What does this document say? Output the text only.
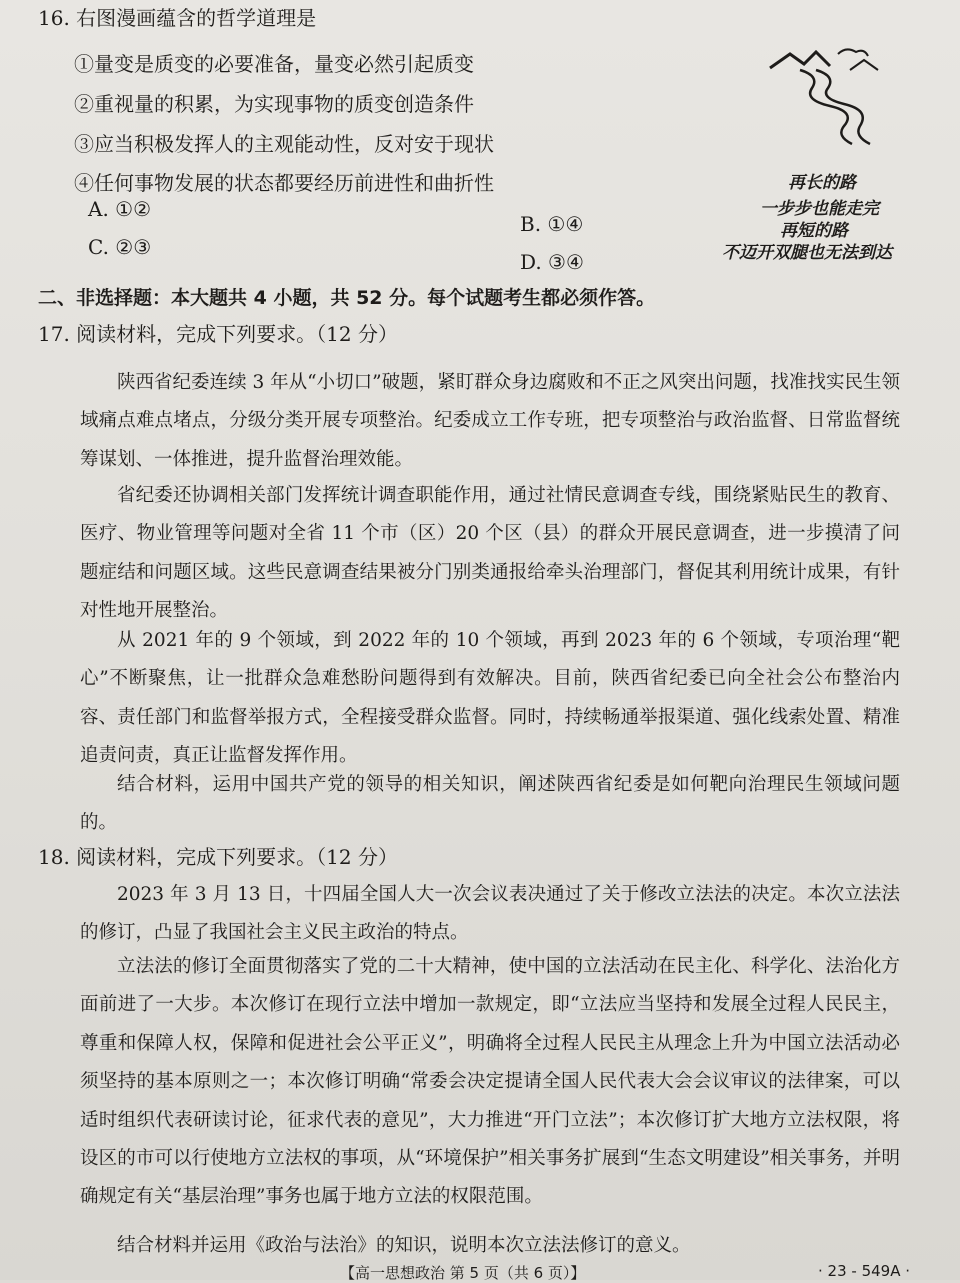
16. 右图漫画蕴含的哲学道理是
①量变是质变的必要准备，量变必然引起质变
②重视量的积累，为实现事物的质变创造条件
③应当积极发挥人的主观能动性，反对安于现状
④任何事物发展的状态都要经历前进性和曲折性
A. ①②
B. ①④
C. ②③
D. ③④
再长的路
一步步也能走完
再短的路
不迈开双腿也无法到达
二、非选择题：本大题共 4 小题，共 52 分。每个试题考生都必须作答。
17. 阅读材料，完成下列要求。（12 分）
陕西省纪委连续 3 年从“小切口”破题，紧盯群众身边腐败和不正之风突出问题，找准找实民生领域痛点难点堵点，分级分类开展专项整治。纪委成立工作专班，把专项整治与政治监督、日常监督统筹谋划、一体推进，提升监督治理效能。
省纪委还协调相关部门发挥统计调查职能作用，通过社情民意调查专线，围绕紧贴民生的教育、医疗、物业管理等问题对全省 11 个市（区）20 个区（县）的群众开展民意调查，进一步摸清了问题症结和问题区域。这些民意调查结果被分门别类通报给牵头治理部门，督促其利用统计成果，有针对性地开展整治。
从 2021 年的 9 个领域，到 2022 年的 10 个领域，再到 2023 年的 6 个领域，专项治理“靶心”不断聚焦，让一批群众急难愁盼问题得到有效解决。目前，陕西省纪委已向全社会公布整治内容、责任部门和监督举报方式，全程接受群众监督。同时，持续畅通举报渠道、强化线索处置、精准追责问责，真正让监督发挥作用。
结合材料，运用中国共产党的领导的相关知识，阐述陕西省纪委是如何靶向治理民生领域问题的。
18. 阅读材料，完成下列要求。（12 分）
2023 年 3 月 13 日，十四届全国人大一次会议表决通过了关于修改立法法的决定。本次立法法的修订，凸显了我国社会主义民主政治的特点。
立法法的修订全面贯彻落实了党的二十大精神，使中国的立法活动在民主化、科学化、法治化方面前进了一大步。本次修订在现行立法中增加一款规定，即“立法应当坚持和发展全过程人民民主，尊重和保障人权，保障和促进社会公平正义”，明确将全过程人民民主从理念上升为中国立法活动必须坚持的基本原则之一；本次修订明确“常委会决定提请全国人民代表大会会议审议的法律案，可以适时组织代表研读讨论，征求代表的意见”，大力推进“开门立法”；本次修订扩大地方立法权限，将设区的市可以行使地方立法权的事项，从“环境保护”相关事务扩展到“生态文明建设”相关事务，并明确规定有关“基层治理”事务也属于地方立法的权限范围。
结合材料并运用《政治与法治》的知识，说明本次立法法修订的意义。
【高一思想政治 第 5 页（共 6 页）】	· 23 - 549A ·
